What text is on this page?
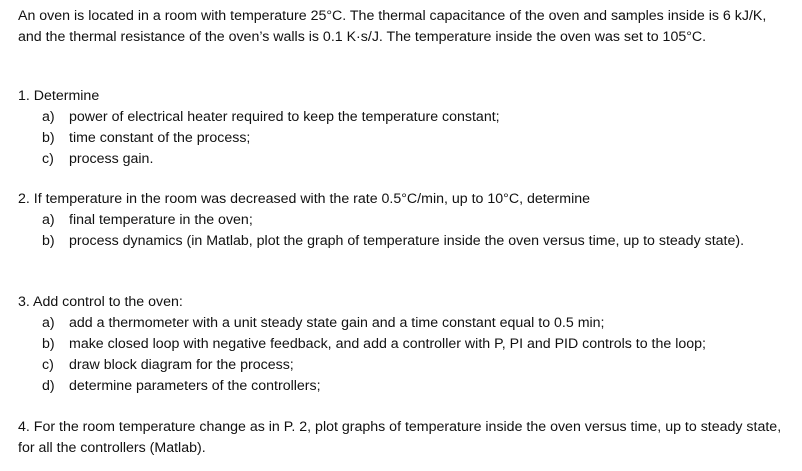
An oven is located in a room with temperature 25°C. The thermal capacitance of the oven and samples inside is 6 kJ/K, and the thermal resistance of the oven’s walls is 0.1 K·s/J. The temperature inside the oven was set to 105°C.

1. Determine

a) power of electrical heater required to keep the temperature constant;
b) time constant of the process;
c) process gain.

2. If temperature in the room was decreased with the rate 0.5°C/min, up to 10°C, determine

a) final temperature in the oven;
b) process dynamics (in Matlab, plot the graph of temperature inside the oven versus time, up to steady state).

3. Add control to the oven:

a) add a thermometer with a unit steady state gain and a time constant equal to 0.5 min;
b) make closed loop with negative feedback, and add a controller with P, PI and PID controls to the loop;
c) draw block diagram for the process;
d) determine parameters of the controllers;

4. For the room temperature change as in P. 2, plot graphs of temperature inside the oven versus time, up to steady state, for all the controllers (Matlab).
